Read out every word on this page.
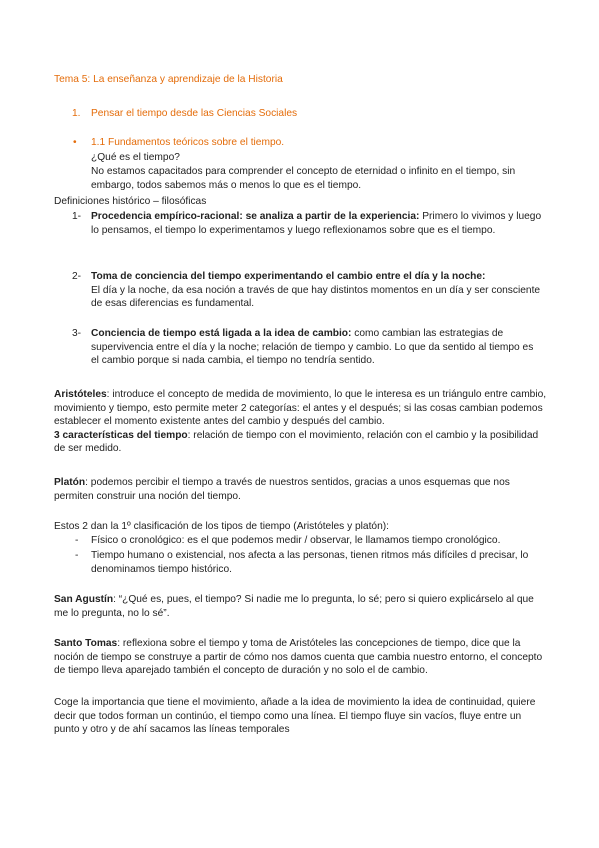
Tema 5: La enseñanza y aprendizaje de la Historia

1. Pensar el tiempo desde las Ciencias Sociales

• 1.1 Fundamentos teóricos sobre el tiempo.

¿Qué es el tiempo?

No estamos capacitados para comprender el concepto de eternidad o infinito en el tiempo, sin embargo, todos sabemos más o menos lo que es el tiempo.

Definiciones histórico – filosóficas

1- Procedencia empírico-racional: se analiza a partir de la experiencia: Primero lo vivimos y luego lo pensamos, el tiempo lo experimentamos y luego reflexionamos sobre que es el tiempo.

2- Toma de conciencia del tiempo experimentando el cambio entre el día y la noche:
El día y la noche, da esa noción a través de que hay distintos momentos en un día y ser consciente de esas diferencias es fundamental.

3- Conciencia de tiempo está ligada a la idea de cambio: como cambian las estrategias de supervivencia entre el día y la noche; relación de tiempo y cambio. Lo que da sentido al tiempo es el cambio porque si nada cambia, el tiempo no tendría sentido.

Aristóteles: introduce el concepto de medida de movimiento, lo que le interesa es un triángulo entre cambio, movimiento y tiempo, esto permite meter 2 categorías: el antes y el después; si las cosas cambian podemos establecer el momento existente antes del cambio y después del cambio.
3 características del tiempo: relación de tiempo con el movimiento, relación con el cambio y la posibilidad de ser medido.

Platón: podemos percibir el tiempo a través de nuestros sentidos, gracias a unos esquemas que nos permiten construir una noción del tiempo.

Estos 2 dan la 1º clasificación de los tipos de tiempo (Aristóteles y platón):

- Físico o cronológico: es el que podemos medir / observar, le llamamos tiempo cronológico.

- Tiempo humano o existencial, nos afecta a las personas, tienen ritmos más difíciles d precisar, lo denominamos tiempo histórico.

San Agustín: “¿Qué es, pues, el tiempo? Si nadie me lo pregunta, lo sé; pero si quiero explicárselo al que me lo pregunta, no lo sé”.

Santo Tomas: reflexiona sobre el tiempo y toma de Aristóteles las concepciones de tiempo, dice que la noción de tiempo se construye a partir de cómo nos damos cuenta que cambia nuestro entorno, el concepto de tiempo lleva aparejado también el concepto de duración y no solo el de cambio.

Coge la importancia que tiene el movimiento, añade a la idea de movimiento la idea de continuidad, quiere decir que todos forman un continúo, el tiempo como una línea. El tiempo fluye sin vacíos, fluye entre un punto y otro y de ahí sacamos las líneas temporales
